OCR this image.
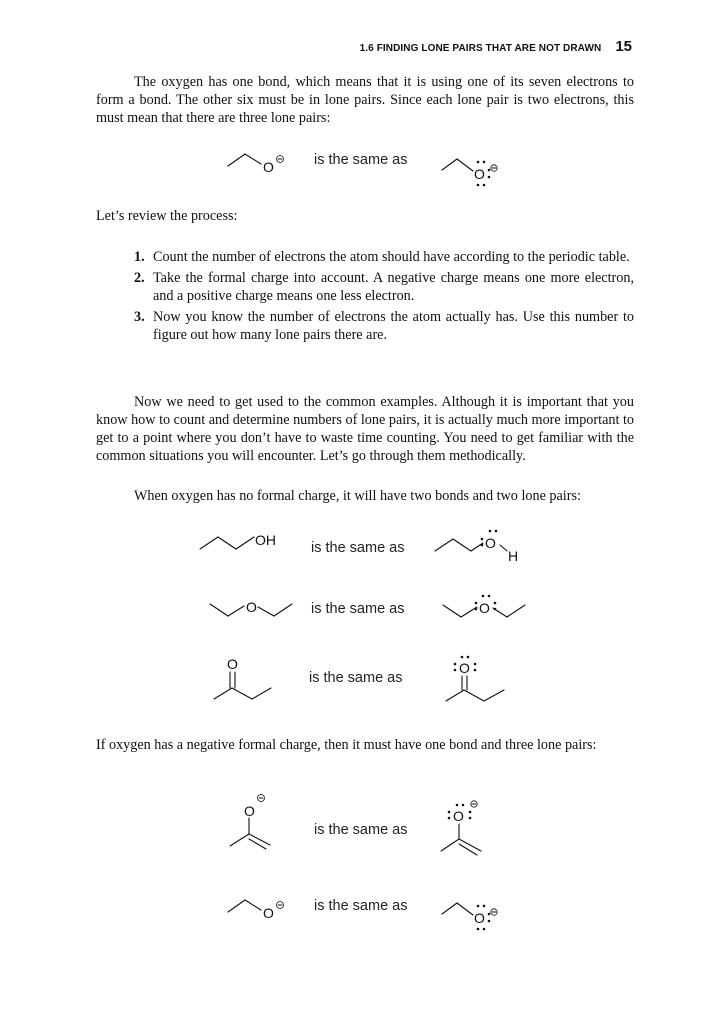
1.6 FINDING LONE PAIRS THAT ARE NOT DRAWN 15

The oxygen has one bond, which means that it is using one of its seven electrons to form a bond. The other six must be in lone pairs. Since each lone pair is two electrons, this must mean that there are three lone pairs:

O	is the same as
O

Let’s review the process:

1. Count the number of electrons the atom should have according to the periodic table.
2. Take the formal charge into account. A negative charge means one more electron, and a positive charge means one less electron.
3. Now you know the number of electrons the atom actually has. Use this number to figure out how many lone pairs there are.

Now we need to get used to the common examples. Although it is important that you know how to count and determine numbers of lone pairs, it is actually much more important to get to a point where you don’t have to waste time counting. You need to get familiar with the common situations you will encounter. Let’s go through them methodically.

When oxygen has no formal charge, it will have two bonds and two lone pairs:

OH is the same as	O
H
O	is the same as	O
O
is the same as
O

If oxygen has a negative formal charge, then it must have one bond and three lone pairs:

O
is the same as
O
O	is the same as
O
